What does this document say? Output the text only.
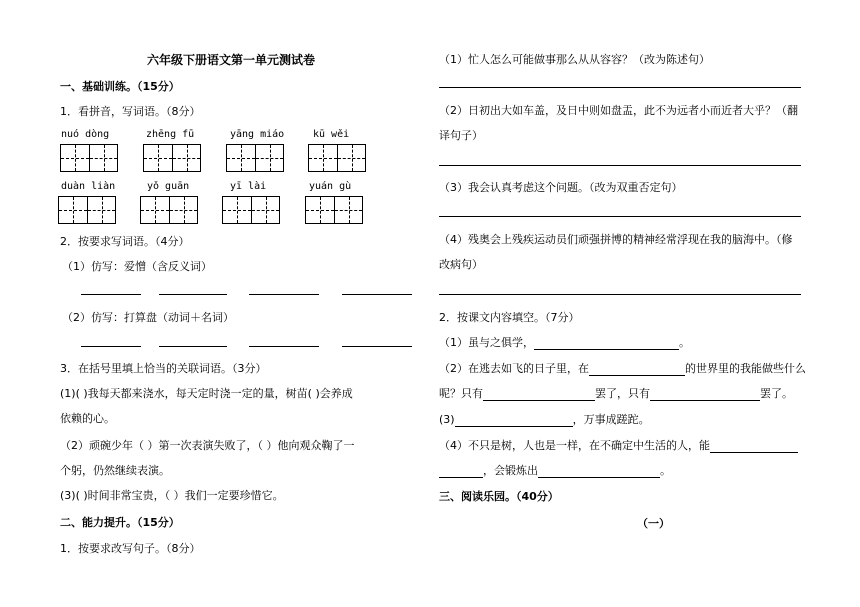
六年级下册语文第一单元测试卷
一、基础训练。（15分）
1．看拼音，写词语。（8分）
nuó dòng	zhēng fū	yāng miáo	kū wěi
duàn liàn	yǒ guān	yī lài	yuán gù
2．按要求写词语。（4分）
（1）仿写：爱憎（含反义词）
（2）仿写：打算盘（动词＋名词）
3．在括号里填上恰当的关联词语。（3分）
(1)( )我每天都来浇水，每天定时浇一定的量，树苗( )会养成
依赖的心。
（2）顽碗少年（ ）第一次表演失败了，（ ）他向观众鞠了一
个躬，仍然继续表演。
(3)( )时间非常宝贵，（ ）我们一定要珍惜它。
二、能力提升。（15分）
1．按要求改写句子。（8分）
（1）忙人怎么可能做事那么从从容容？（改为陈述句）
（2）日初出大如车盖，及日中则如盘盂，此不为远者小而近者大乎？（翻
译句子）
（3）我会认真考虑这个问题。（改为双重否定句）
（4）残奥会上残疾运动员们顽强拼博的精神经常浮现在我的脑海中。（修
改病句）
2．按课文内容填空。（7分）
（1）虽与之俱学，	。
（2）在逃去如飞的日子里，在	的世界里的我能做些什么
呢？只有	罢了，只有	罢了。
(3)	，万事成蹉跎。
（4）不只是树，人也是一样，在不确定中生活的人，能
，会锻炼出	。
三、阅读乐园。（40分）
（一）
